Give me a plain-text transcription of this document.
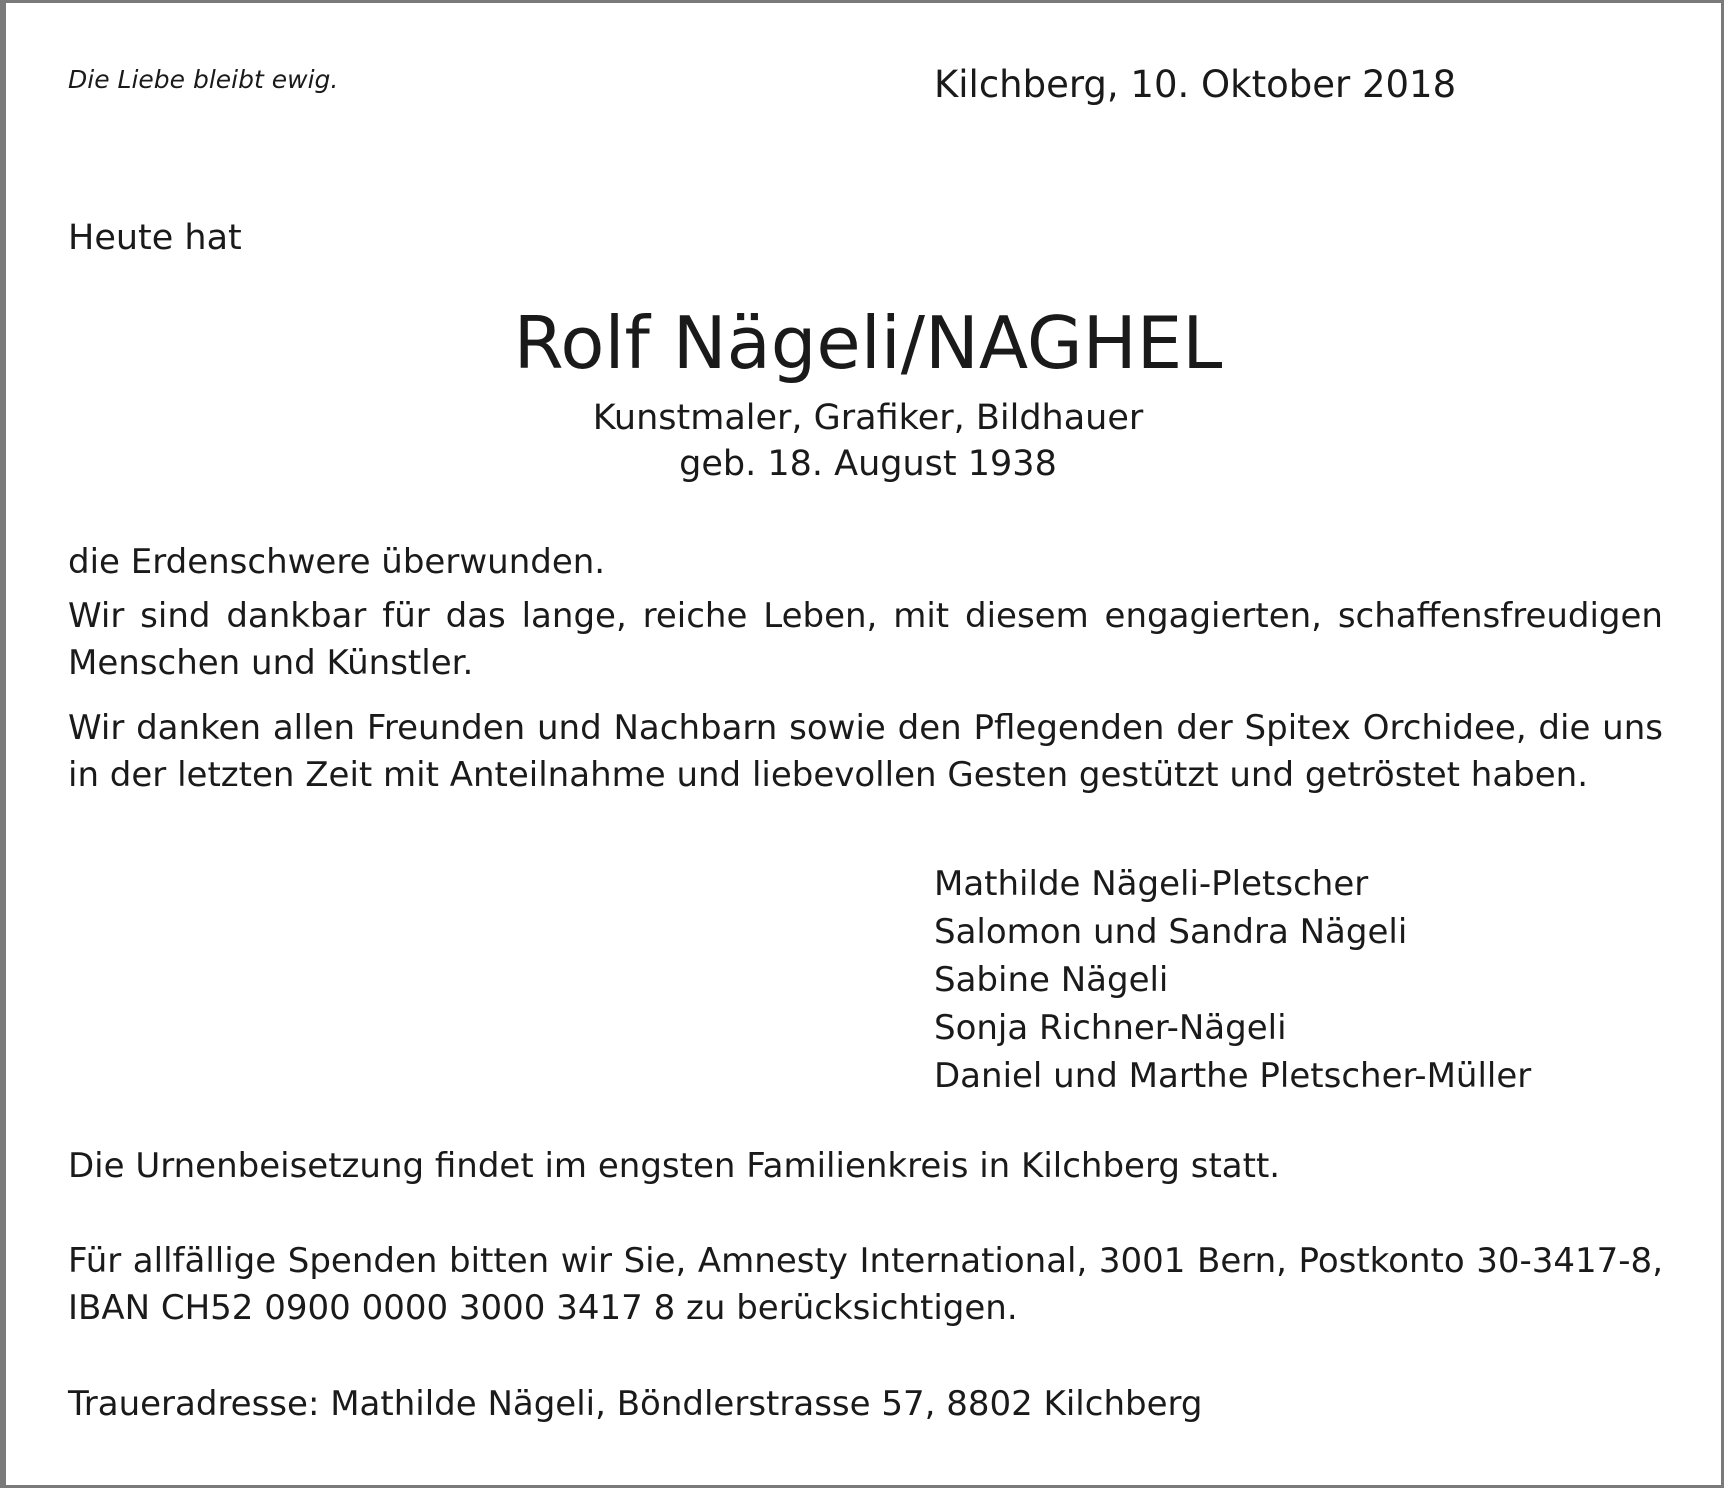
Die Liebe bleibt ewig.	Kilchberg, 10. Oktober 2018
Heute hat
Rolf Nägeli/NAGHEL
Kunstmaler, Grafiker, Bildhauer
geb. 18. August 1938
die Erdenschwere überwunden.
Wir sind dankbar für das lange, reiche Leben, mit diesem engagierten, schaffensfreudigen Menschen und Künstler.
Wir danken allen Freunden und Nachbarn sowie den Pflegenden der Spitex Orchidee, die uns in der letzten Zeit mit Anteilnahme und liebevollen Gesten gestützt und getröstet haben.
Mathilde Nägeli-Pletscher
Salomon und Sandra Nägeli
Sabine Nägeli
Sonja Richner-Nägeli
Daniel und Marthe Pletscher-Müller
Die Urnenbeisetzung findet im engsten Familienkreis in Kilchberg statt.
Für allfällige Spenden bitten wir Sie, Amnesty International, 3001 Bern, Postkonto 30-3417-8, IBAN CH52 0900 0000 3000 3417 8 zu berücksichtigen.
Traueradresse: Mathilde Nägeli, Böndlerstrasse 57, 8802 Kilchberg
